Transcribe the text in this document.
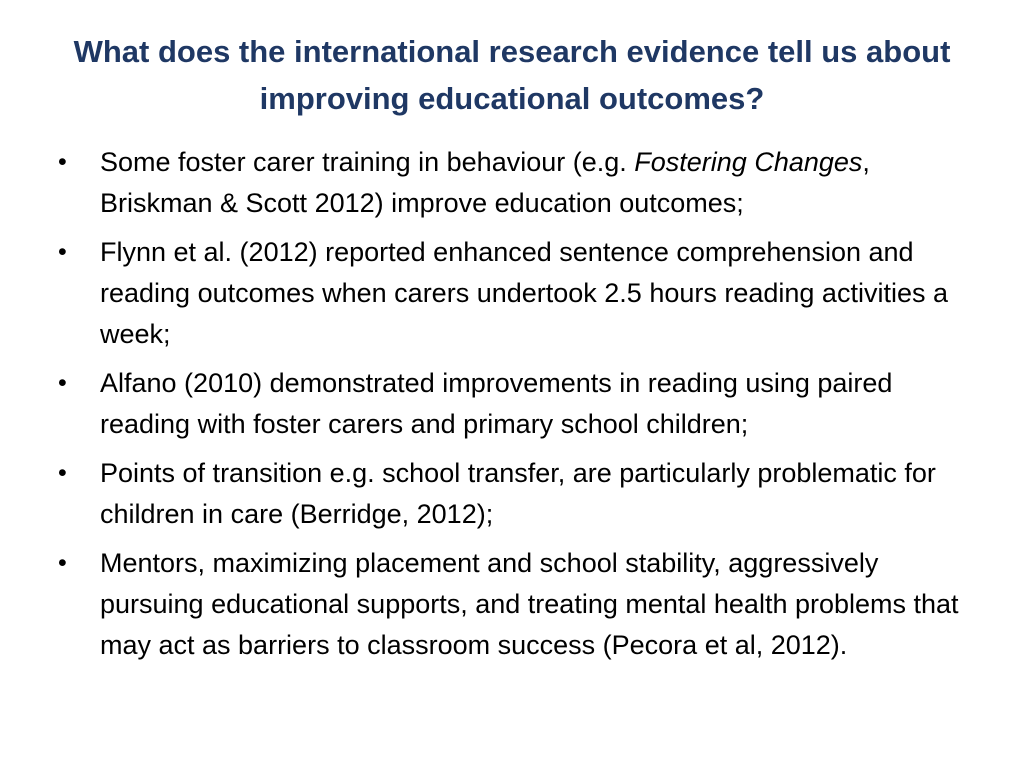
What does the international research evidence tell us about improving educational outcomes?
• Some foster carer training in behaviour (e.g. Fostering Changes, Briskman & Scott 2012) improve education outcomes;
• Flynn et al. (2012) reported enhanced sentence comprehension and reading outcomes when carers undertook 2.5 hours reading activities a week;
• Alfano (2010) demonstrated improvements in reading using paired reading with foster carers and primary school children;
• Points of transition e.g. school transfer, are particularly problematic for children in care (Berridge, 2012);
• Mentors, maximizing placement and school stability, aggressively pursuing educational supports, and treating mental health problems that may act as barriers to classroom success (Pecora et al, 2012).
